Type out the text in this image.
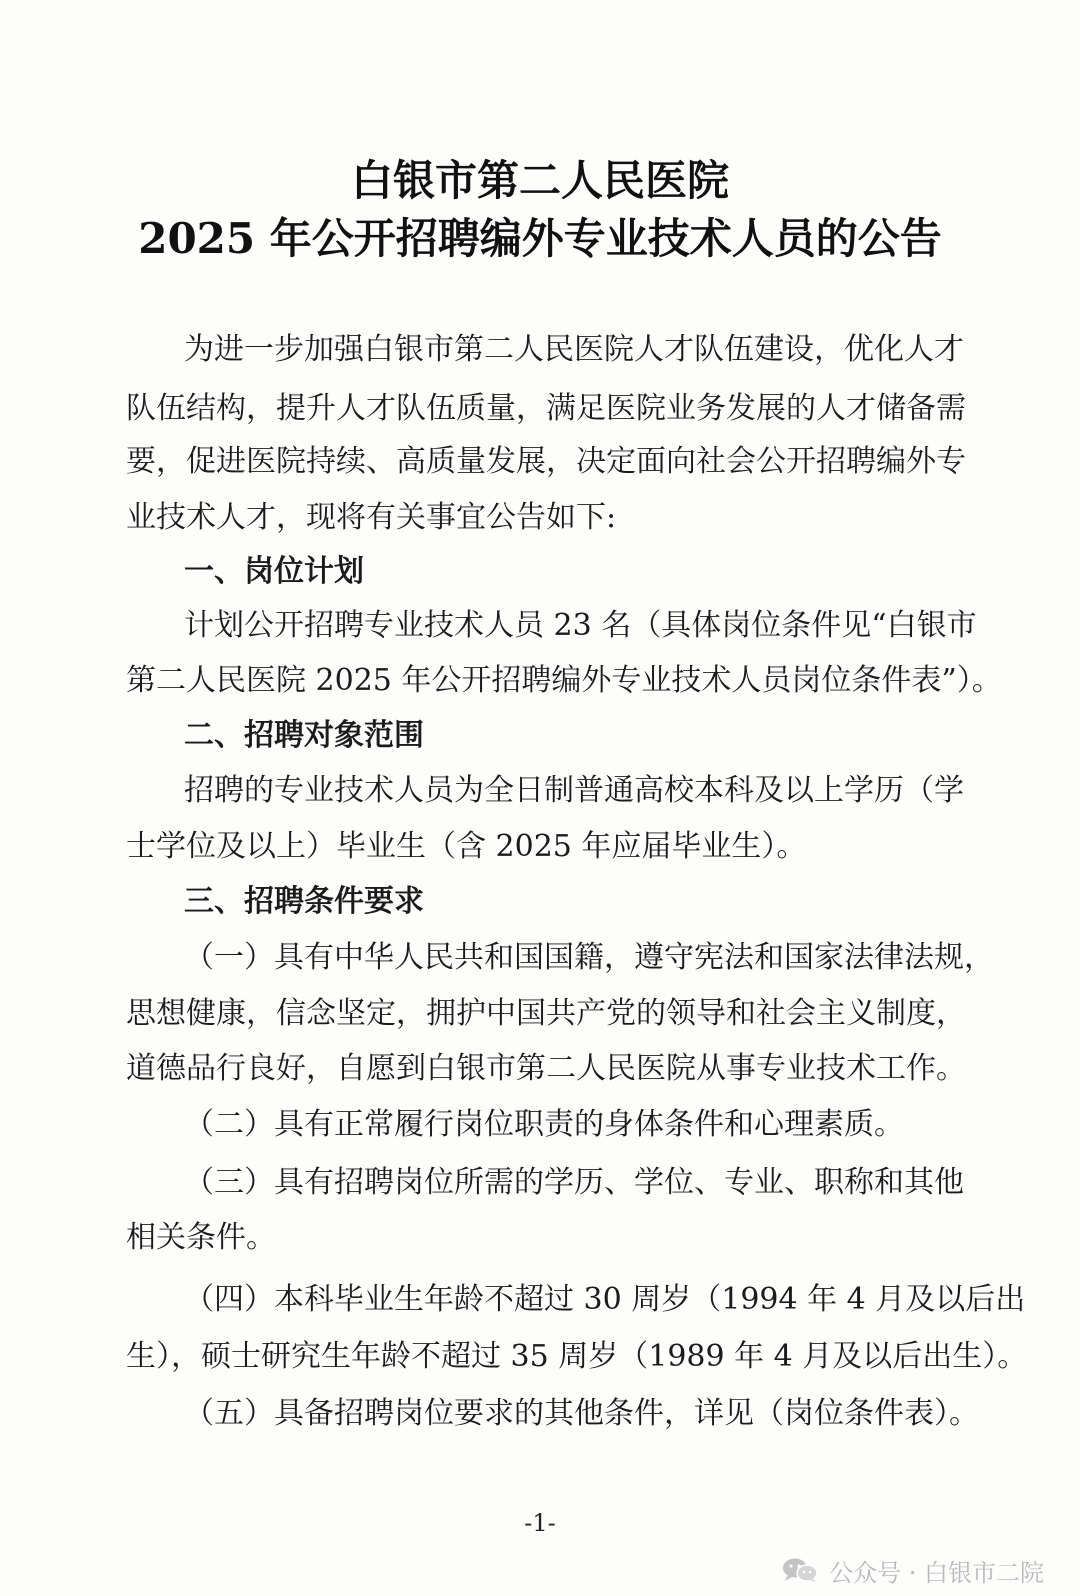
白银市第二人民医院
2025 年公开招聘编外专业技术人员的公告
为进一步加强白银市第二人民医院人才队伍建设，优化人才
队伍结构，提升人才队伍质量，满足医院业务发展的人才储备需
要，促进医院持续、高质量发展，决定面向社会公开招聘编外专
业技术人才，现将有关事宜公告如下:
一、岗位计划
计划公开招聘专业技术人员 23 名（具体岗位条件见“白银市
第二人民医院 2025 年公开招聘编外专业技术人员岗位条件表”）。
二、招聘对象范围
招聘的专业技术人员为全日制普通高校本科及以上学历（学
士学位及以上）毕业生（含 2025 年应届毕业生）。
三、招聘条件要求
（一）具有中华人民共和国国籍，遵守宪法和国家法律法规，
思想健康，信念坚定，拥护中国共产党的领导和社会主义制度，
道德品行良好，自愿到白银市第二人民医院从事专业技术工作。
（二）具有正常履行岗位职责的身体条件和心理素质。
（三）具有招聘岗位所需的学历、学位、专业、职称和其他
相关条件。
（四）本科毕业生年龄不超过 30 周岁（1994 年 4 月及以后出
生），硕士研究生年龄不超过 35 周岁（1989 年 4 月及以后出生）。
（五）具备招聘岗位要求的其他条件，详见（岗位条件表）。
-1-
公众号 · 白银市二院
